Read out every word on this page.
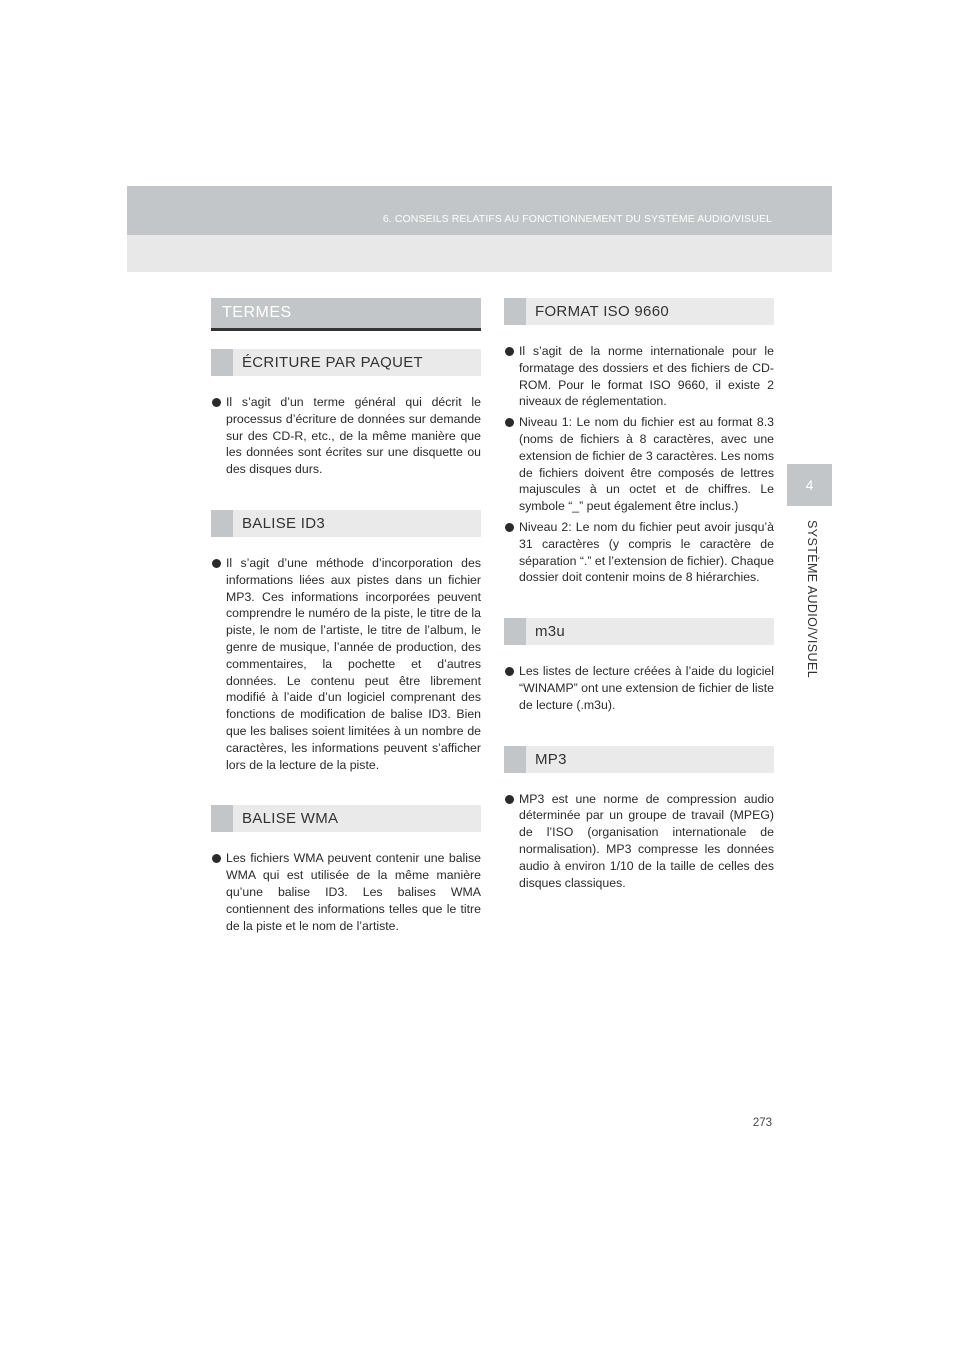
6. CONSEILS RELATIFS AU FONCTIONNEMENT DU SYSTÈME AUDIO/VISUEL
4
SYSTÈME AUDIO/VISUEL
TERMES
ÉCRITURE PAR PAQUET

Il s’agit d’un terme général qui décrit le processus d’écriture de données sur demande sur des CD-R, etc., de la même manière que les données sont écrites sur une disquette ou des disques durs.

BALISE ID3

Il s’agit d’une méthode d’incorporation des informations liées aux pistes dans un fichier MP3. Ces informations incorporées peuvent comprendre le numéro de la piste, le titre de la piste, le nom de l’artiste, le titre de l’album, le genre de musique, l’année de production, des commentaires, la pochette et d’autres données. Le contenu peut être librement modifié à l’aide d’un logiciel comprenant des fonctions de modification de balise ID3. Bien que les balises soient limitées à un nombre de caractères, les informations peuvent s’afficher lors de la lecture de la piste.

BALISE WMA

Les fichiers WMA peuvent contenir une balise WMA qui est utilisée de la même manière qu’une balise ID3. Les balises WMA contiennent des informations telles que le titre de la piste et le nom de l’artiste.

FORMAT ISO 9660

Il s’agit de la norme internationale pour le formatage des dossiers et des fichiers de CD-ROM. Pour le format ISO 9660, il existe 2 niveaux de réglementation.

Niveau 1: Le nom du fichier est au format 8.3 (noms de fichiers à 8 caractères, avec une extension de fichier de 3 caractères. Les noms de fichiers doivent être composés de lettres majuscules à un octet et de chiffres. Le symbole “_” peut également être inclus.)

Niveau 2: Le nom du fichier peut avoir jusqu’à 31 caractères (y compris le caractère de séparation “.” et l’extension de fichier). Chaque dossier doit contenir moins de 8 hiérarchies.

m3u

Les listes de lecture créées à l’aide du logiciel “WINAMP” ont une extension de fichier de liste de lecture (.m3u).

MP3

MP3 est une norme de compression audio déterminée par un groupe de travail (MPEG) de l’ISO (organisation internationale de normalisation). MP3 compresse les données audio à environ 1/10 de la taille de celles des disques classiques.

273
